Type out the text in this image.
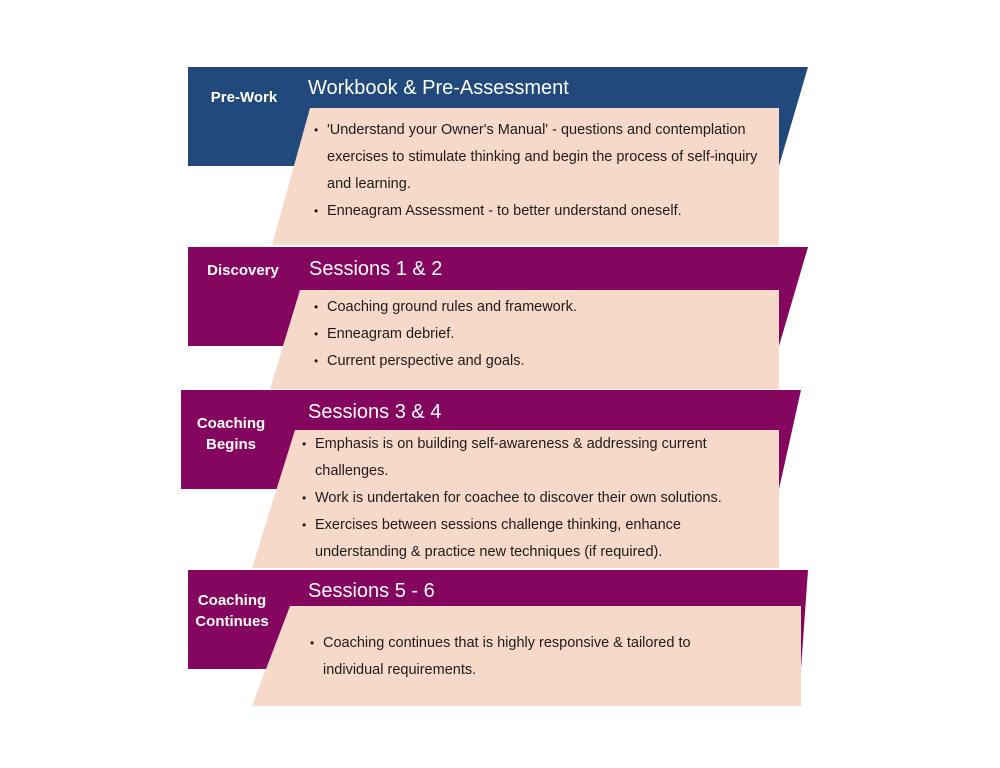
Pre-Work	Workbook & Pre-Assessment
• 'Understand your Owner's Manual' - questions and contemplation exercises to stimulate thinking and begin the process of self-inquiry and learning.
• Enneagram Assessment - to better understand oneself.
Discovery	Sessions 1 & 2
• Coaching ground rules and framework.
• Enneagram debrief.
• Current perspective and goals.
Coaching Begins
Sessions 3 & 4
• Emphasis is on building self-awareness & addressing current challenges.
• Work is undertaken for coachee to discover their own solutions.
• Exercises between sessions challenge thinking, enhance understanding & practice new techniques (if required).
Coaching Continues
Sessions 5 - 6
• Coaching continues that is highly responsive & tailored to individual requirements.
